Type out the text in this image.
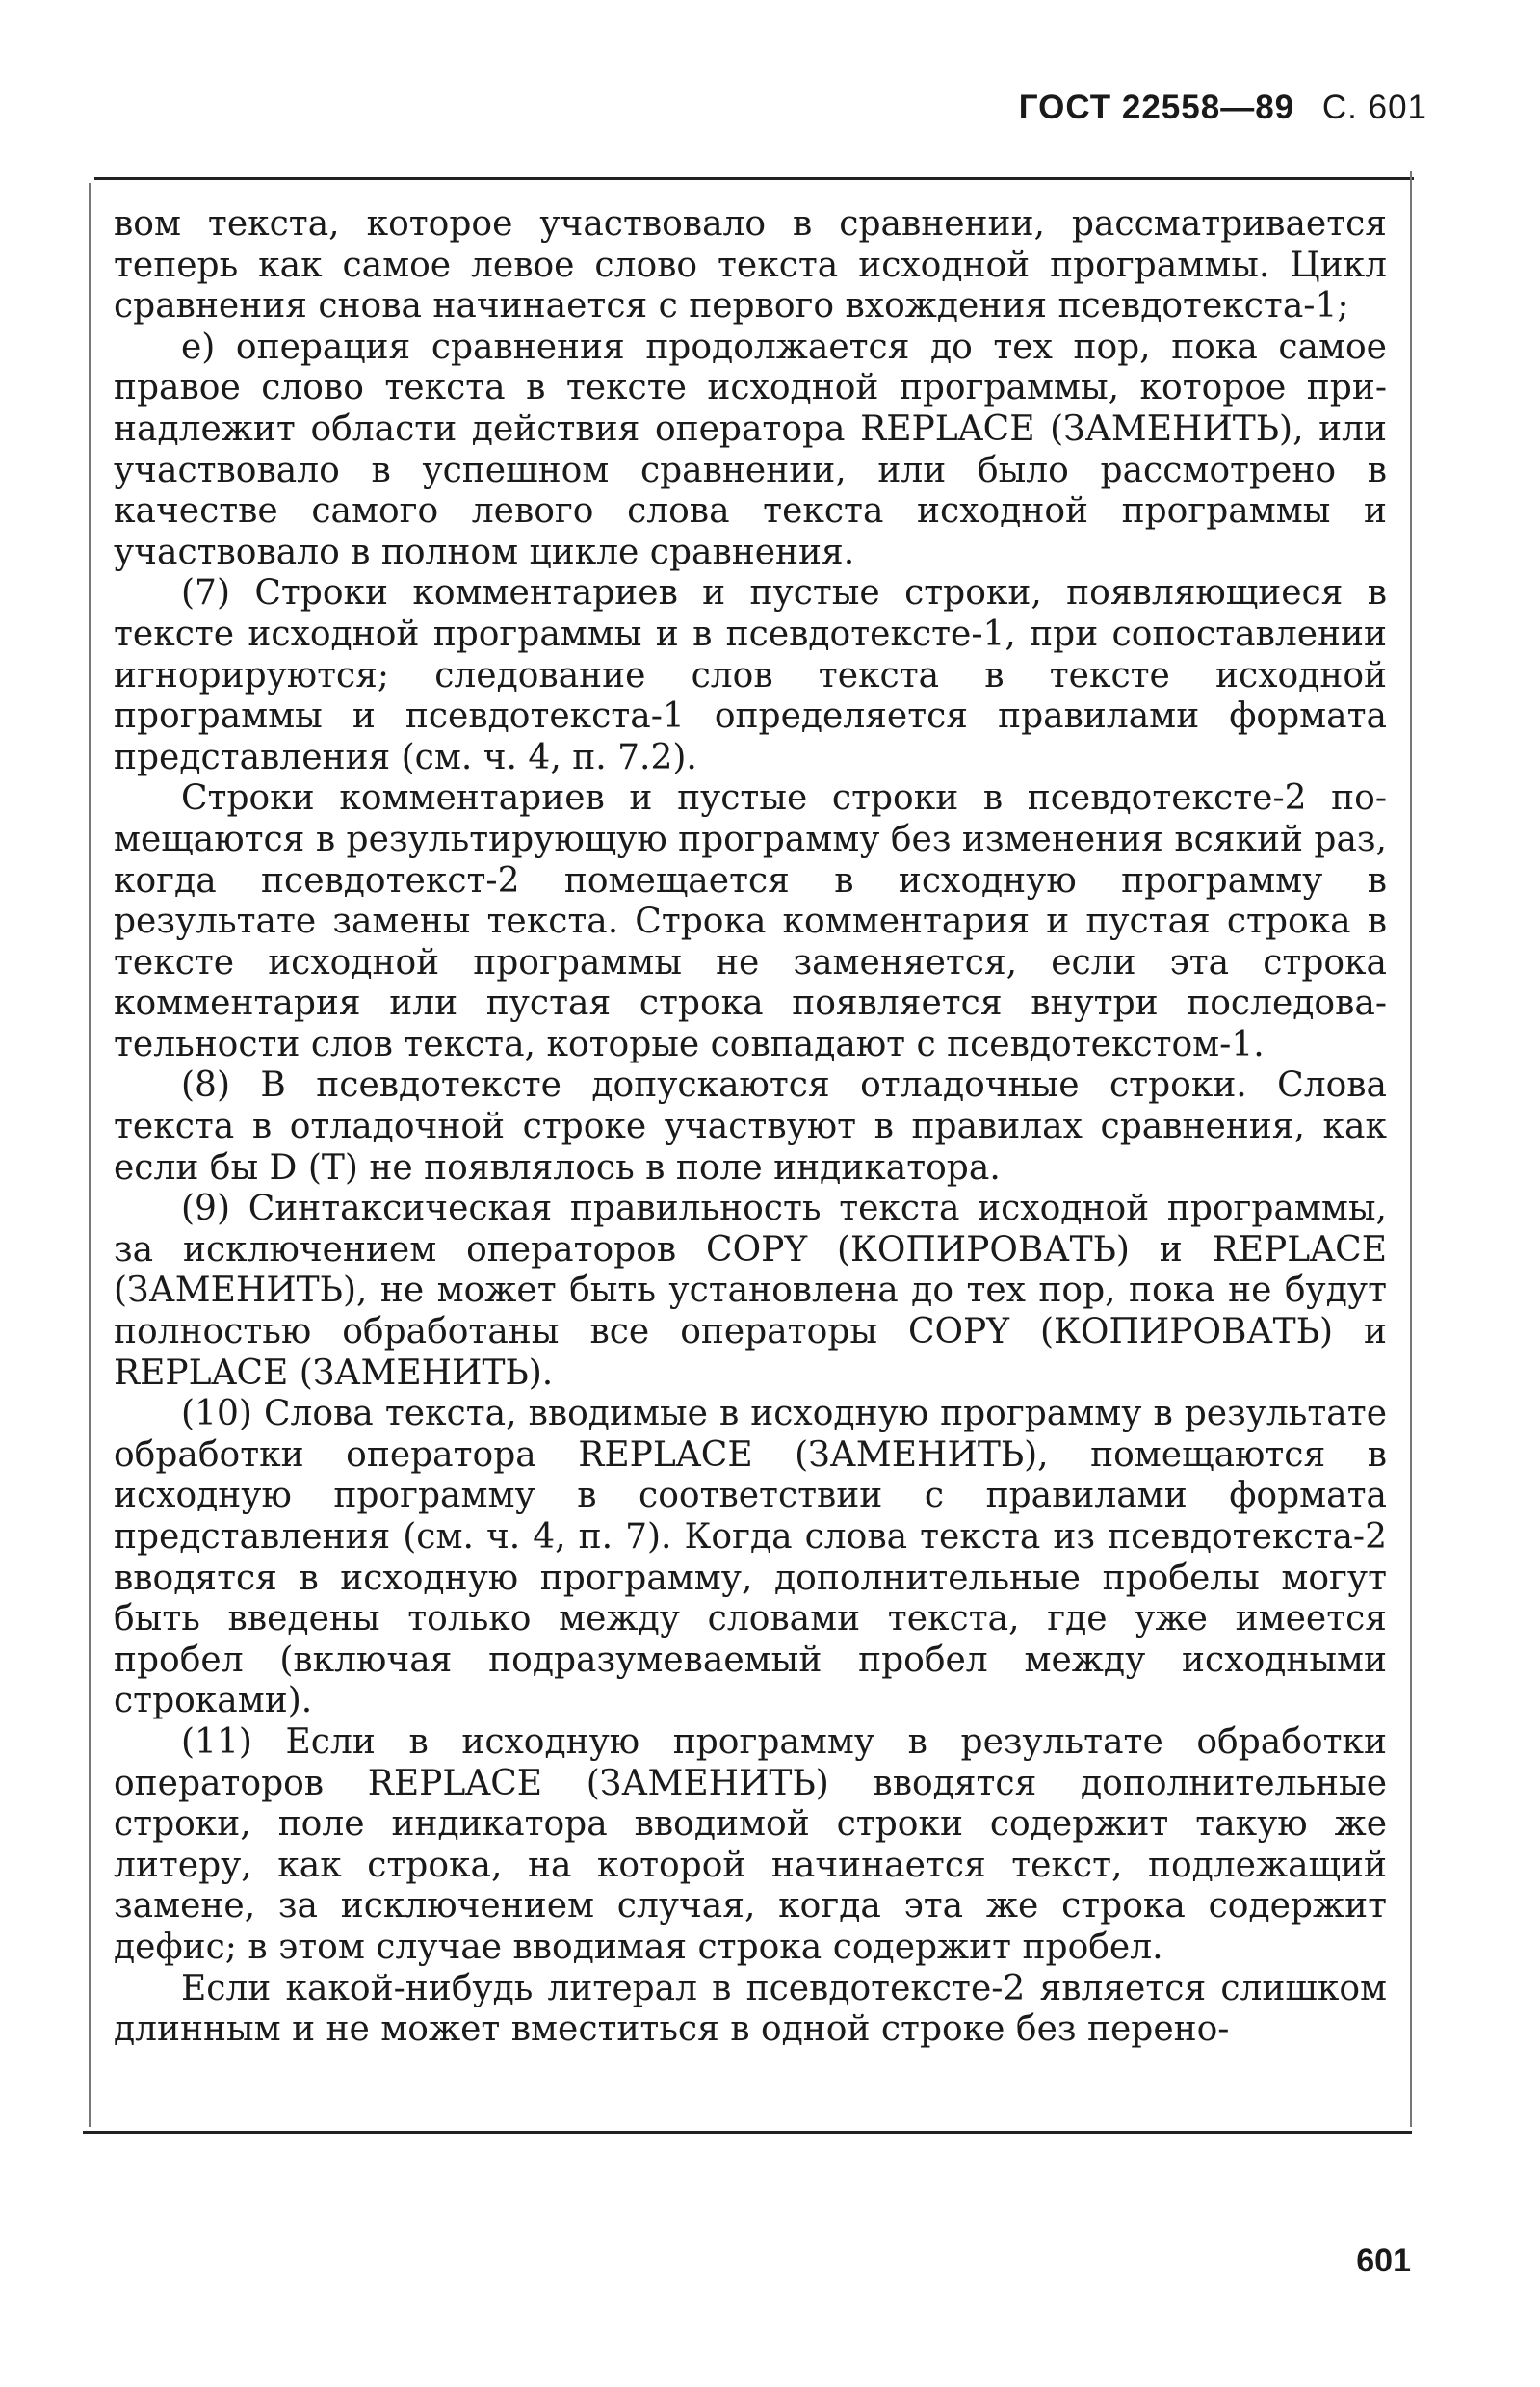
ГОСТ 22558—89 С. 601

вом текста, которое участвовало в сравнении, рассматривается теперь как самое левое слово текста исходной программы. Цикл сравнения снова начинается с первого вхождения псевдотекста-1;

е) операция сравнения продолжается до тех пор, пока самое правое слово текста в тексте исходной программы, которое принадлежит области действия оператора REPLACE (ЗАМЕНИТЬ), или участвовало в успешном сравнении, или было рассмотрено в качестве самого левого слова текста исходной программы и участвовало в полном цикле сравнения.

(7) Строки комментариев и пустые строки, появляющиеся в тексте исходной программы и в псевдотексте-1, при сопоставлении игнорируются; следование слов текста в тексте исходной программы и псевдотекста-1 определяется правилами формата представления (см. ч. 4, п. 7.2).

Строки комментариев и пустые строки в псевдотексте-2 помещаются в результирующую программу без изменения всякий раз, когда псевдотекст-2 помещается в исходную программу в результате замены текста. Строка комментария и пустая строка в тексте исходной программы не заменяется, если эта строка комментария или пустая строка появляется внутри последовательности слов текста, которые совпадают с псевдотекстом-1.

(8) В псевдотексте допускаются отладочные строки. Слова текста в отладочной строке участвуют в правилах сравнения, как если бы D (Т) не появлялось в поле индикатора.

(9) Синтаксическая правильность текста исходной программы, за исключением операторов COPY (КОПИРОВАТЬ) и REPLACE (ЗАМЕНИТЬ), не может быть установлена до тех пор, пока не будут полностью обработаны все операторы COPY (КОПИРОВАТЬ) и REPLACE (ЗАМЕНИТЬ).

(10) Слова текста, вводимые в исходную программу в результате обработки оператора REPLACE (ЗАМЕНИТЬ), помещаются в исходную программу в соответствии с правилами формата представления (см. ч. 4, п. 7). Когда слова текста из псевдотекста-2 вводятся в исходную программу, дополнительные пробелы могут быть введены только между словами текста, где уже имеется пробел (включая подразумеваемый пробел между исходными строками).

(11) Если в исходную программу в результате обработки операторов REPLACE (ЗАМЕНИТЬ) вводятся дополнительные строки, поле индикатора вводимой строки содержит такую же литеру, как строка, на которой начинается текст, подлежащий замене, за исключением случая, когда эта же строка содержит дефис; в этом случае вводимая строка содержит пробел.

Если какой-нибудь литерал в псевдотексте-2 является слишком длинным и не может вместиться в одной строке без перено-

601
